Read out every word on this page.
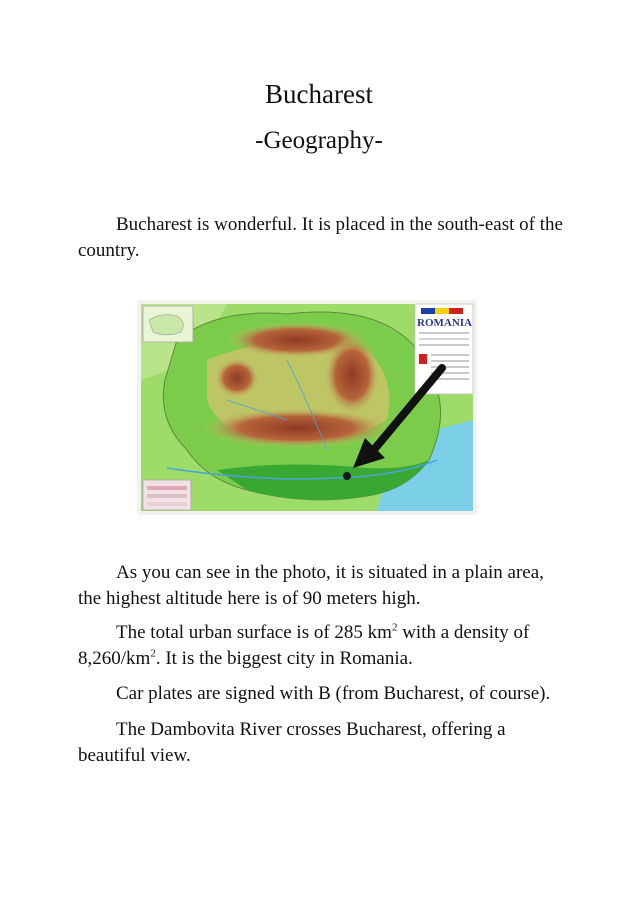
Bucharest
-Geography-

Bucharest is wonderful. It is placed in the south-east of the country.

ROMANIA

As you can see in the photo, it is situated in a plain area, the highest altitude here is of 90 meters high.

The total urban surface is of 285 $km^2$ with a density of $8,260/km^2$. It is the biggest city in Romania.

Car plates are signed with B (from Bucharest, of course).

The Dambovita River crosses Bucharest, offering a beautiful view.
